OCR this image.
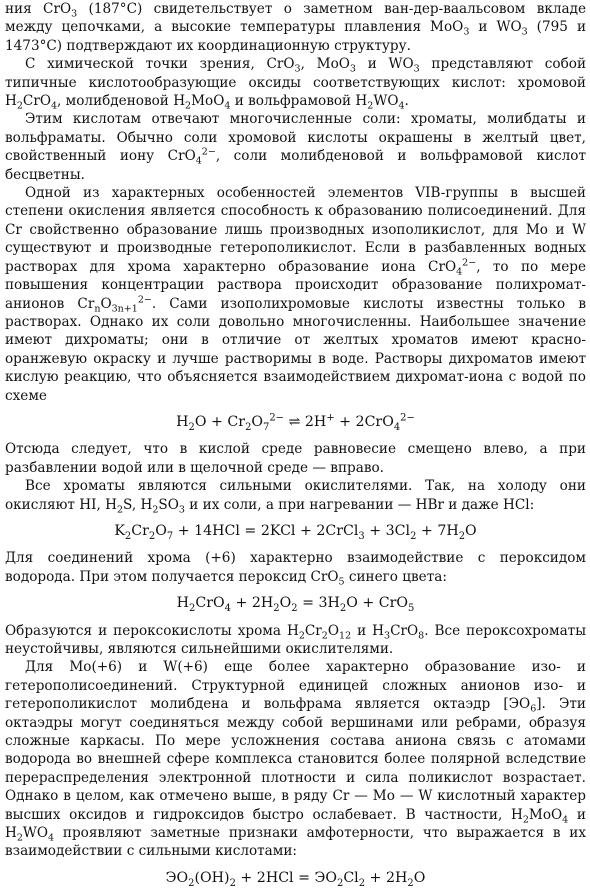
ния CrO$_3$ (187°C) свидетельствует о заметном ван-дер-ваальсовом вкладе между цепочками, а высокие температуры плавления MoO$_3$ и $WO_3$ (795 и 1473°C) подтверждают их координационную структуру.

С химической точки зрения, CrO$_3$, MoO$_3$ и $WO_3$ представляют собой типичные кислотообразующие оксиды соответствующих кислот: хромовой $H_2CrO_4$, молибденовой $H_2MoO_4$ и вольфрамовой $H_2WO_4$.

Этим кислотам отвечают многочисленные соли: хроматы, молибдаты и вольфраматы. Обычно соли хромовой кислоты окрашены в желтый цвет, свойственный иону CrO$_4^{2-}$, соли молибденовой и вольфрамовой кислот бесцветны.

Одной из характерных особенностей элементов VIB-группы в высшей степени окисления является способность к образованию полисоединений. Для Cr свойственно образование лишь производных изополикислот, для Mo и W существуют и производные гетерополикислот. Если в разбавленных водных растворах для хрома характерно образование иона CrO$_4^{2-}$, то по мере повышения концентрации раствора происходит образование полихромат-анионов $Cr_nO_{3n+1}^{2-}$. Сами изополихромовые кислоты известны только в растворах. Однако их соли довольно многочисленны. Наибольшее значение имеют дихроматы; они в отличие от желтых хроматов имеют красно-оранжевую окраску и лучше растворимы в воде. Растворы дихроматов имеют кислую реакцию, что объясняется взаимодействием дихромат-иона с водой по схеме

$H_2O + Cr_2O_7^{2-}$ ⇌ 2H+ + 2CrO$_4^{2-}$

Отсюда следует, что в кислой среде равновесие смещено влево, а при разбавлении водой или в щелочной среде — вправо.

Все хроматы являются сильными окислителями. Так, на холоду они окисляют HI, $H_2S$, $H_2SO_3$ и их соли, а при нагревании — HBr и даже HCl:

$K_2Cr_2O_7 + 14HCl = 2KCl$ + 2CrCl$_3$ + $3Cl_2 + 7H_2O$

Для соединений хрома (+6) характерно взаимодействие с пероксидом водорода. При этом получается пероксид CrO$_5$ синего цвета:

$H_2CrO_4 + 2H_2O_2 = 3H_2O + CrO_5$

Образуются и пероксокислоты хрома $H_2Cr_2O_{12}$ и $H_3CrO_8$. Все пероксохроматы неустойчивы, являются сильнейшими окислителями.

Для Mo(+6) и W(+6) еще более характерно образование изо- и гетерополисоединений. Структурной единицей сложных анионов изо- и гетерополикислот молибдена и вольфрама является октаэдр $[ЭO_6]$. Эти октаэдры могут соединяться между собой вершинами или ребрами, образуя сложные каркасы. По мере усложнения состава аниона связь с атомами водорода во внешней сфере комплекса становится более полярной вследствие перераспределения электронной плотности и сила поликислот возрастает. Однако в целом, как отмечено выше, в ряду Cr — Mo — W кислотный характер высших оксидов и гидроксидов быстро ослабевает. В частности, $H_2MoO_4$ и $H_2WO_4$ проявляют заметные признаки амфотерности, что выражается в их взаимодействии с сильными кислотами:

$ЭO_2(OH)_2 + 2HCl = ЭO_2Cl_2 + 2H_2O$
